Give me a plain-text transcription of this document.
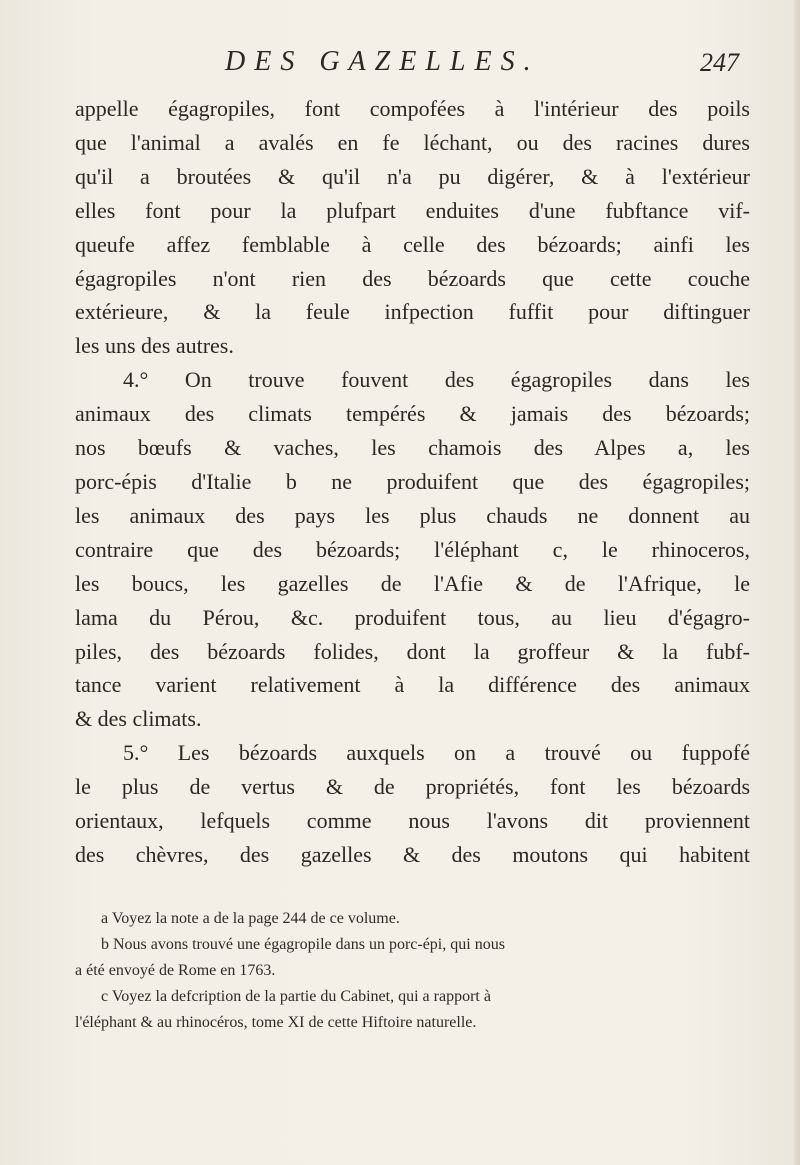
DES GAZELLES.	247
appelle égagropiles, font compofées à l'intérieur des poils
que l'animal a avalés en fe léchant, ou des racines dures
qu'il a broutées & qu'il n'a pu digérer, & à l'extérieur
elles font pour la plufpart enduites d'une fubftance vif-
queufe affez femblable à celle des bézoards; ainfi les
égagropiles n'ont rien des bézoards que cette couche
extérieure, & la feule infpection fuffit pour diftinguer
les uns des autres.
4.° On trouve fouvent des égagropiles dans les
animaux des climats tempérés & jamais des bézoards;
nos bœufs & vaches, les chamois des Alpes a, les
porc-épis d'Italie b ne produifent que des égagropiles;
les animaux des pays les plus chauds ne donnent au
contraire que des bézoards; l'éléphant c, le rhinoceros,
les boucs, les gazelles de l'Afie & de l'Afrique, le
lama du Pérou, &c. produifent tous, au lieu d'égagro-
piles, des bézoards folides, dont la groffeur & la fubf-
tance varient relativement à la différence des animaux
& des climats.
5.° Les bézoards auxquels on a trouvé ou fuppofé
le plus de vertus & de propriétés, font les bézoards
orientaux, lefquels comme nous l'avons dit proviennent
des chèvres, des gazelles & des moutons qui habitent
a Voyez la note a de la page 244 de ce volume.
b Nous avons trouvé une égagropile dans un porc-épi, qui nous
a été envoyé de Rome en 1763.
c Voyez la defcription de la partie du Cabinet, qui a rapport à
l'éléphant & au rhinocéros, tome XI de cette Hiftoire naturelle.
